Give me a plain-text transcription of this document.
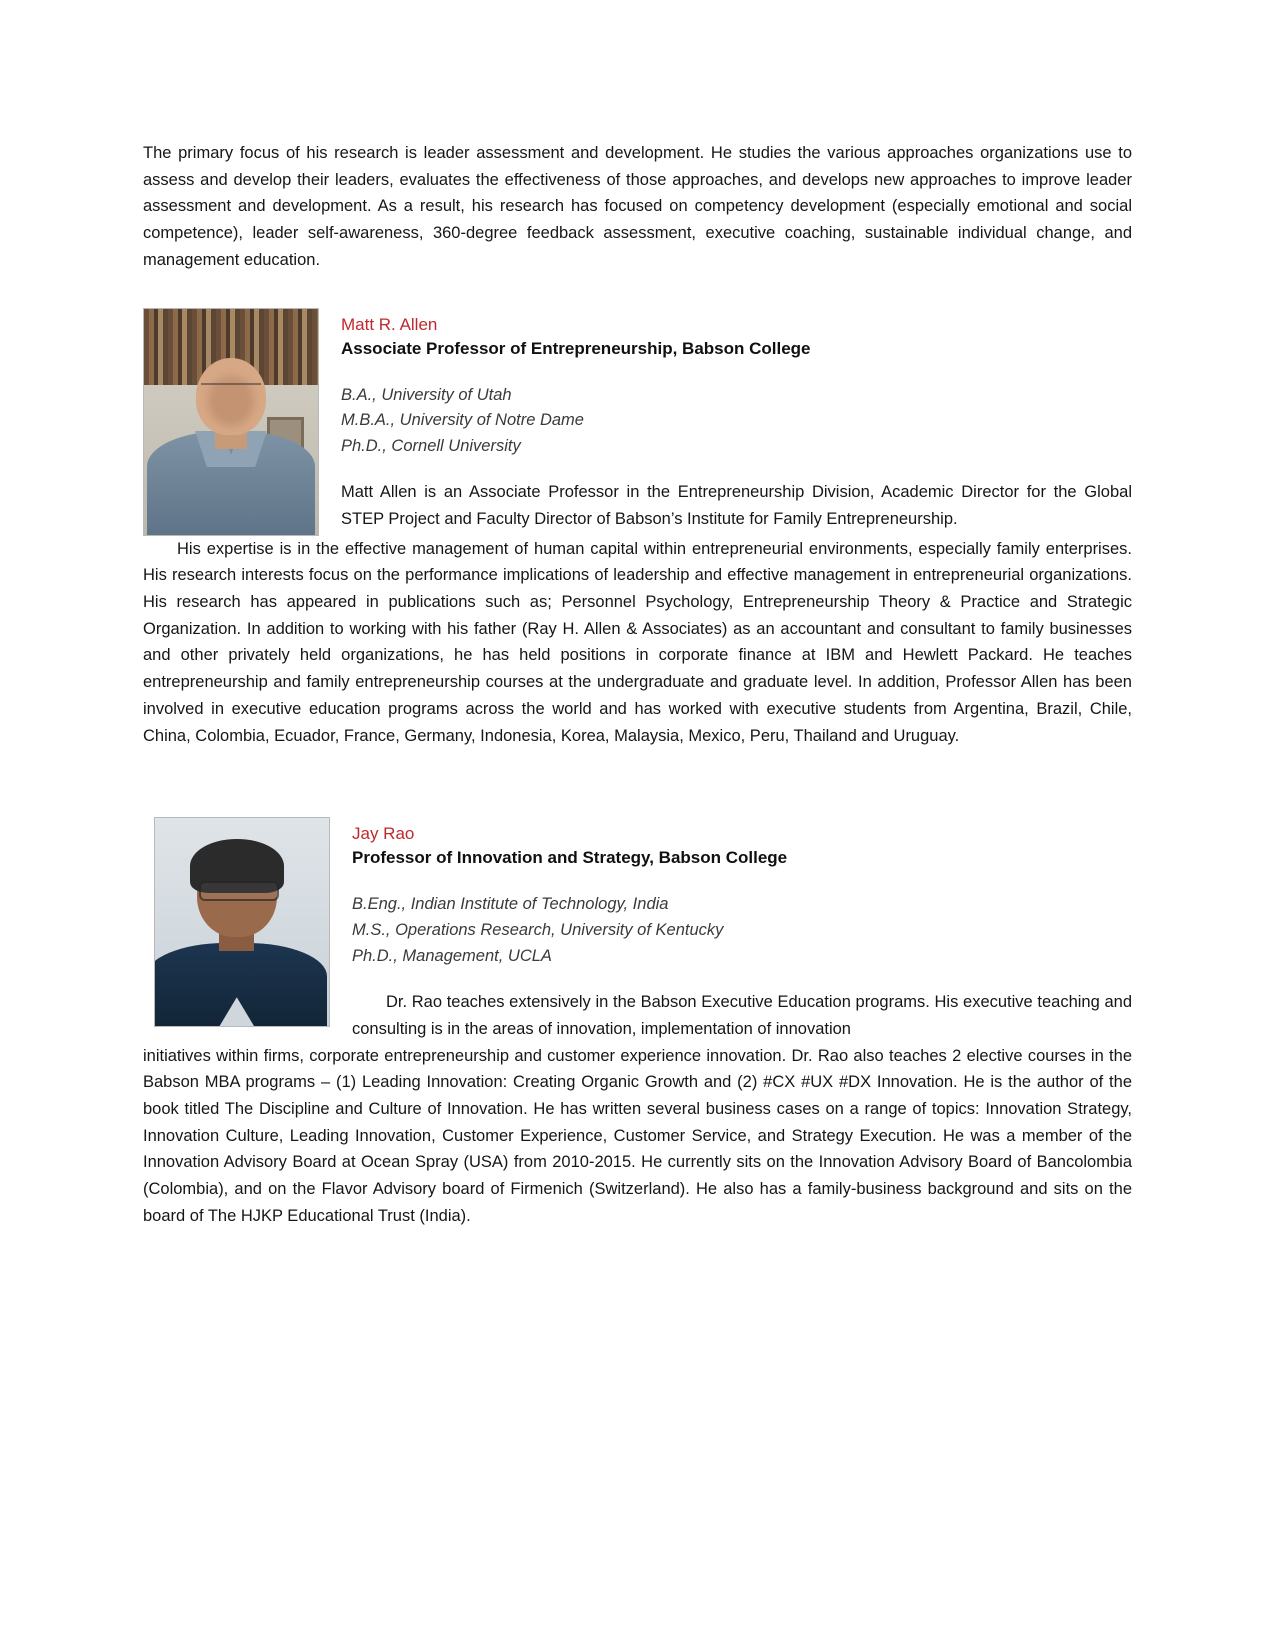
The primary focus of his research is leader assessment and development. He studies the various approaches organizations use to assess and develop their leaders, evaluates the effectiveness of those approaches, and develops new approaches to improve leader assessment and development. As a result, his research has focused on competency development (especially emotional and social competence), leader self-awareness, 360-degree feedback assessment, executive coaching, sustainable individual change, and management education.

Matt R. Allen
Associate Professor of Entrepreneurship, Babson College
B.A., University of Utah
M.B.A., University of Notre Dame
Ph.D., Cornell University

Matt Allen is an Associate Professor in the Entrepreneurship Division, Academic Director for the Global STEP Project and Faculty Director of Babson’s Institute for Family Entrepreneurship.

His expertise is in the effective management of human capital within entrepreneurial environments, especially family enterprises. His research interests focus on the performance implications of leadership and effective management in entrepreneurial organizations. His research has appeared in publications such as; Personnel Psychology, Entrepreneurship Theory & Practice and Strategic Organization. In addition to working with his father (Ray H. Allen & Associates) as an accountant and consultant to family businesses and other privately held organizations, he has held positions in corporate finance at IBM and Hewlett Packard. He teaches entrepreneurship and family entrepreneurship courses at the undergraduate and graduate level. In addition, Professor Allen has been involved in executive education programs across the world and has worked with executive students from Argentina, Brazil, Chile, China, Colombia, Ecuador, France, Germany, Indonesia, Korea, Malaysia, Mexico, Peru, Thailand and Uruguay.

Jay Rao
Professor of Innovation and Strategy, Babson College
B.Eng., Indian Institute of Technology, India
M.S., Operations Research, University of Kentucky
Ph.D., Management, UCLA

Dr. Rao teaches extensively in the Babson Executive Education programs. His executive teaching and consulting is in the areas of innovation, implementation of innovation

initiatives within firms, corporate entrepreneurship and customer experience innovation. Dr. Rao also teaches 2 elective courses in the Babson MBA programs – (1) Leading Innovation: Creating Organic Growth and (2) #CX #UX #DX Innovation. He is the author of the book titled The Discipline and Culture of Innovation. He has written several business cases on a range of topics: Innovation Strategy, Innovation Culture, Leading Innovation, Customer Experience, Customer Service, and Strategy Execution. He was a member of the Innovation Advisory Board at Ocean Spray (USA) from 2010-2015. He currently sits on the Innovation Advisory Board of Bancolombia (Colombia), and on the Flavor Advisory board of Firmenich (Switzerland). He also has a family-business background and sits on the board of The HJKP Educational Trust (India).
